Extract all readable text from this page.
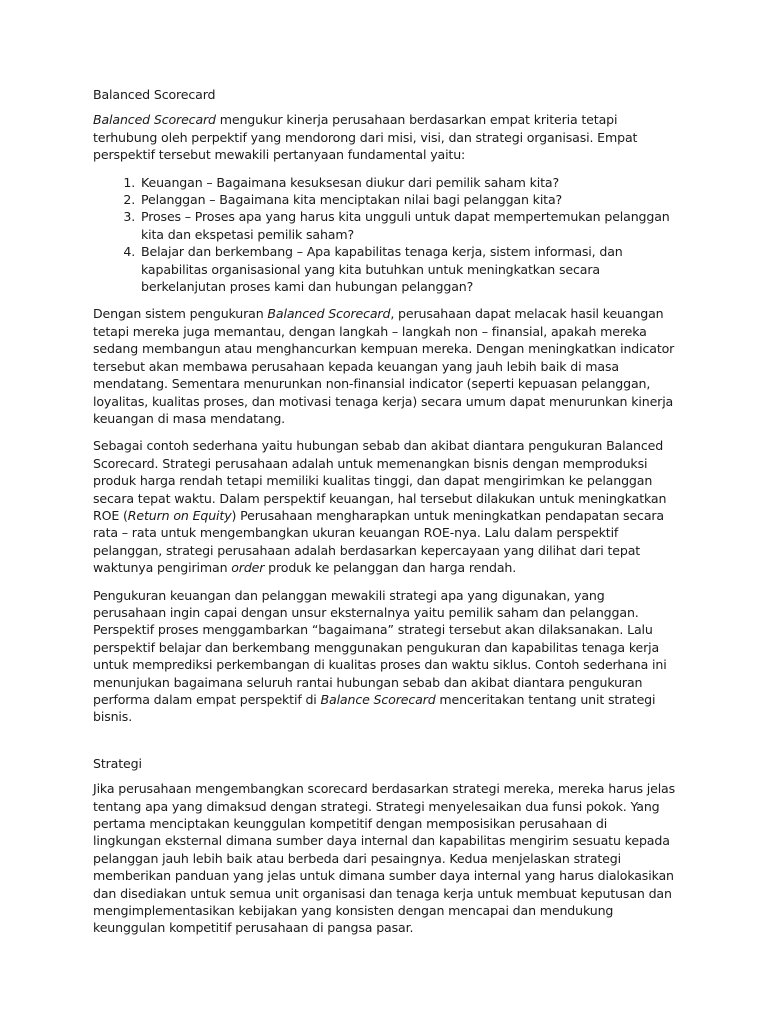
Balanced Scorecard

Balanced Scorecard mengukur kinerja perusahaan berdasarkan empat kriteria tetapi terhubung oleh perpektif yang mendorong dari misi, visi, dan strategi organisasi. Empat perspektif tersebut mewakili pertanyaan fundamental yaitu:

1. Keuangan – Bagaimana kesuksesan diukur dari pemilik saham kita?
2. Pelanggan – Bagaimana kita menciptakan nilai bagi pelanggan kita?
3. Proses – Proses apa yang harus kita ungguli untuk dapat mempertemukan pelanggan kita dan ekspetasi pemilik saham?
4. Belajar dan berkembang – Apa kapabilitas tenaga kerja, sistem informasi, dan kapabilitas organisasional yang kita butuhkan untuk meningkatkan secara berkelanjutan proses kami dan hubungan pelanggan?

Dengan sistem pengukuran Balanced Scorecard, perusahaan dapat melacak hasil keuangan tetapi mereka juga memantau, dengan langkah – langkah non – finansial, apakah mereka sedang membangun atau menghancurkan kempuan mereka. Dengan meningkatkan indicator tersebut akan membawa perusahaan kepada keuangan yang jauh lebih baik di masa mendatang. Sementara menurunkan non-finansial indicator (seperti kepuasan pelanggan, loyalitas, kualitas proses, dan motivasi tenaga kerja) secara umum dapat menurunkan kinerja keuangan di masa mendatang.

Sebagai contoh sederhana yaitu hubungan sebab dan akibat diantara pengukuran Balanced Scorecard. Strategi perusahaan adalah untuk memenangkan bisnis dengan memproduksi produk harga rendah tetapi memiliki kualitas tinggi, dan dapat mengirimkan ke pelanggan secara tepat waktu. Dalam perspektif keuangan, hal tersebut dilakukan untuk meningkatkan ROE (Return on Equity) Perusahaan mengharapkan untuk meningkatkan pendapatan secara rata – rata untuk mengembangkan ukuran keuangan ROE-nya. Lalu dalam perspektif pelanggan, strategi perusahaan adalah berdasarkan kepercayaan yang dilihat dari tepat waktunya pengiriman order produk ke pelanggan dan harga rendah.

Pengukuran keuangan dan pelanggan mewakili strategi apa yang digunakan, yang perusahaan ingin capai dengan unsur eksternalnya yaitu pemilik saham dan pelanggan. Perspektif proses menggambarkan “bagaimana” strategi tersebut akan dilaksanakan. Lalu perspektif belajar dan berkembang menggunakan pengukuran dan kapabilitas tenaga kerja untuk memprediksi perkembangan di kualitas proses dan waktu siklus. Contoh sederhana ini menunjukan bagaimana seluruh rantai hubungan sebab dan akibat diantara pengukuran performa dalam empat perspektif di Balance Scorecard menceritakan tentang unit strategi bisnis.

Strategi

Jika perusahaan mengembangkan scorecard berdasarkan strategi mereka, mereka harus jelas tentang apa yang dimaksud dengan strategi. Strategi menyelesaikan dua funsi pokok. Yang pertama menciptakan keunggulan kompetitif dengan memposisikan perusahaan di lingkungan eksternal dimana sumber daya internal dan kapabilitas mengirim sesuatu kepada pelanggan jauh lebih baik atau berbeda dari pesaingnya. Kedua menjelaskan strategi memberikan panduan yang jelas untuk dimana sumber daya internal yang harus dialokasikan dan disediakan untuk semua unit organisasi dan tenaga kerja untuk membuat keputusan dan mengimplementasikan kebijakan yang konsisten dengan mencapai dan mendukung keunggulan kompetitif perusahaan di pangsa pasar.
